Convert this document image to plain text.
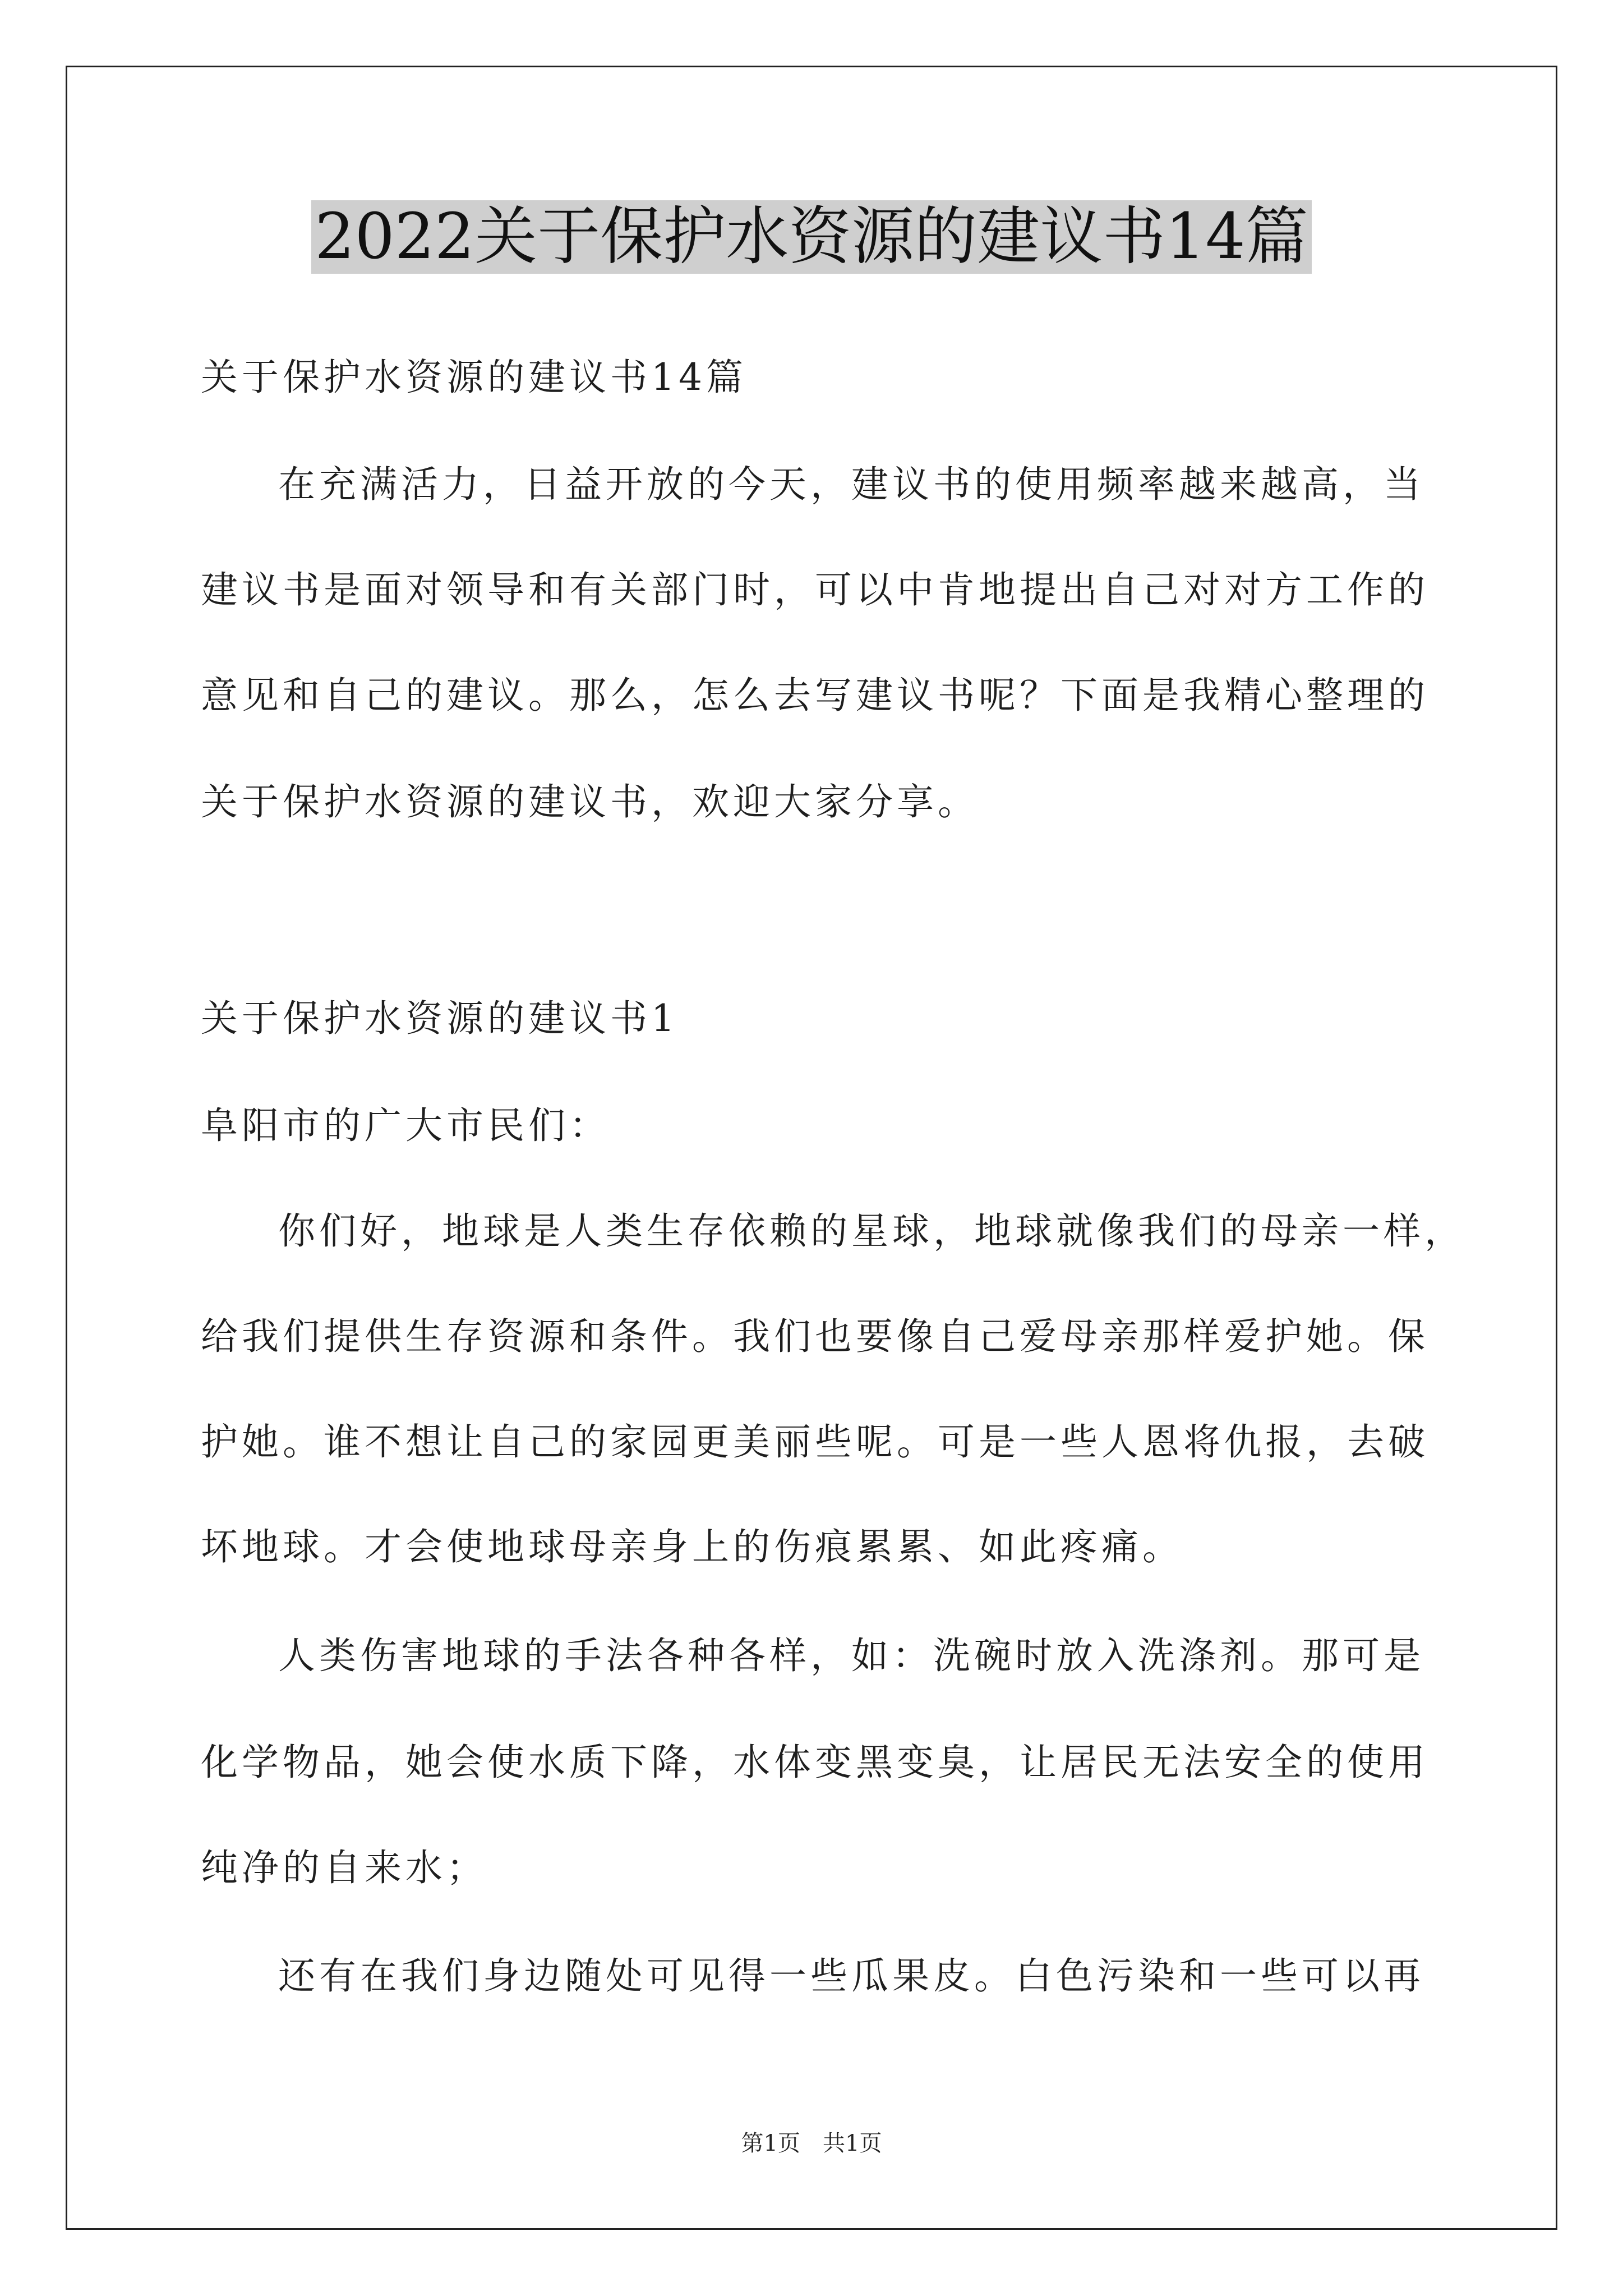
2022关于保护水资源的建议书14篇
关于保护水资源的建议书14篇
在充满活力，日益开放的今天，建议书的使用频率越来越高，当
建议书是面对领导和有关部门时，可以中肯地提出自己对对方工作的
意见和自己的建议。那么，怎么去写建议书呢？下面是我精心整理的
关于保护水资源的建议书，欢迎大家分享。
关于保护水资源的建议书1
阜阳市的广大市民们：
你们好，地球是人类生存依赖的星球，地球就像我们的母亲一样，
给我们提供生存资源和条件。我们也要像自己爱母亲那样爱护她。保
护她。谁不想让自己的家园更美丽些呢。可是一些人恩将仇报，去破
坏地球。才会使地球母亲身上的伤痕累累、如此疼痛。
人类伤害地球的手法各种各样，如：洗碗时放入洗涤剂。那可是
化学物品，她会使水质下降，水体变黑变臭，让居民无法安全的使用
纯净的自来水；
还有在我们身边随处可见得一些瓜果皮。白色污染和一些可以再
第1页　共1页
